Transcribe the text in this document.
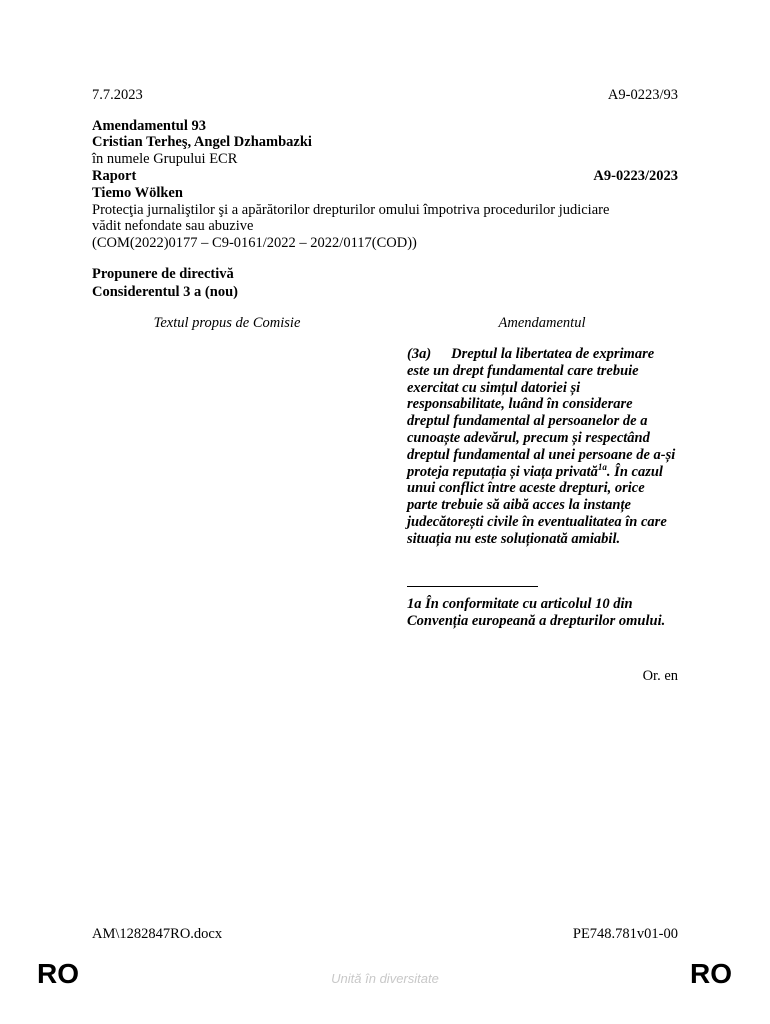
7.7.2023	A9-0223/93
Amendamentul 93
Cristian Terheş, Angel Dzhambazki
în numele Grupului ECR
Raport	A9-0223/2023
Tiemo Wölken
Protecţia jurnaliştilor şi a apărătorilor drepturilor omului împotriva procedurilor judiciare
vădit nefondate sau abuzive
(COM(2022)0177 – C9-0161/2022 – 2022/0117(COD))
Propunere de directivă
Considerentul 3 a (nou)
Textul propus de Comisie	Amendamentul
(3a) Dreptul la libertatea de exprimare este un drept fundamental care trebuie exercitat cu simțul datoriei și responsabilitate, luând în considerare dreptul fundamental al persoanelor de a cunoaște adevărul, precum și respectând dreptul fundamental al unei persoane de a-și proteja reputația și viața privată$^{1a}$. În cazul unui conflict între aceste drepturi, orice parte trebuie să aibă acces la instanțe judecătorești civile în eventualitatea în care situația nu este soluționată amiabil.
1a În conformitate cu articolul 10 din Convenția europeană a drepturilor omului.
Or. en
AM\1282847RO.docx	PE748.781v01-00
RO	RO
Unită în diversitate
